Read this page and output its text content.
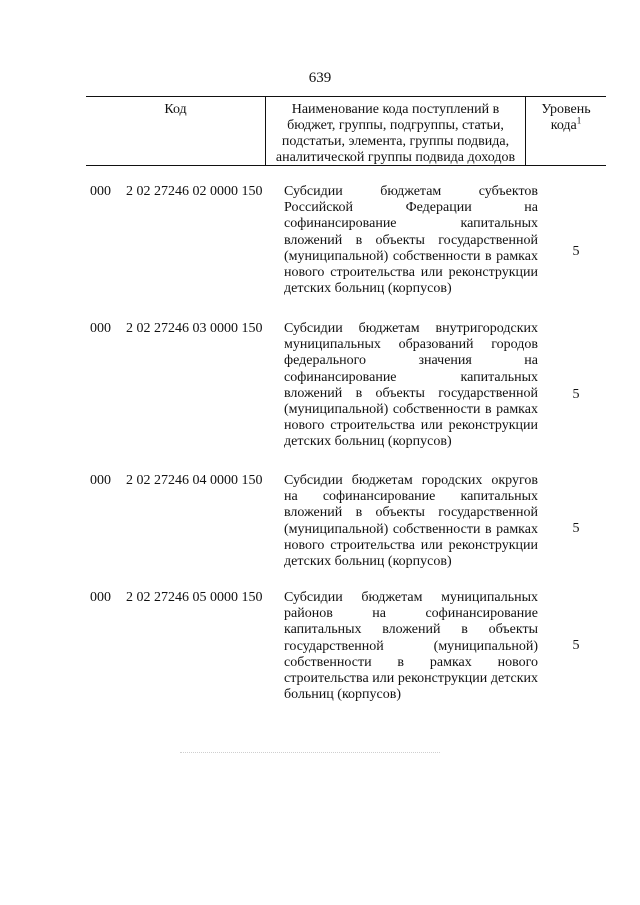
639
Код	Наименование кода поступлений в бюджет, группы, подгруппы, статьи, подстатьи, элемента, группы подвида, аналитической группы подвида доходов
Уровень кода$^1$
000 2 02 27246 02 0000 150 Субсидии бюджетам субъектов Российской Федерации на софинансирование капитальных вложений в объекты государственной (муниципальной) собственности в рамках нового строительства или реконструкции детских больниц (корпусов)
5
000 2 02 27246 03 0000 150 Субсидии бюджетам внутригородских муниципальных образований городов федерального значения на софинансирование капитальных вложений в объекты государственной (муниципальной) собственности в рамках нового строительства или реконструкции детских больниц (корпусов)
5
000 2 02 27246 04 0000 150 Субсидии бюджетам городских округов на софинансирование капитальных вложений в объекты государственной (муниципальной) собственности в рамках нового строительства или реконструкции детских больниц (корпусов)
5
000 2 02 27246 05 0000 150 Субсидии бюджетам муниципальных районов на софинансирование капитальных вложений в объекты государственной (муниципальной) собственности в рамках нового строительства или реконструкции детских больниц (корпусов)
5
